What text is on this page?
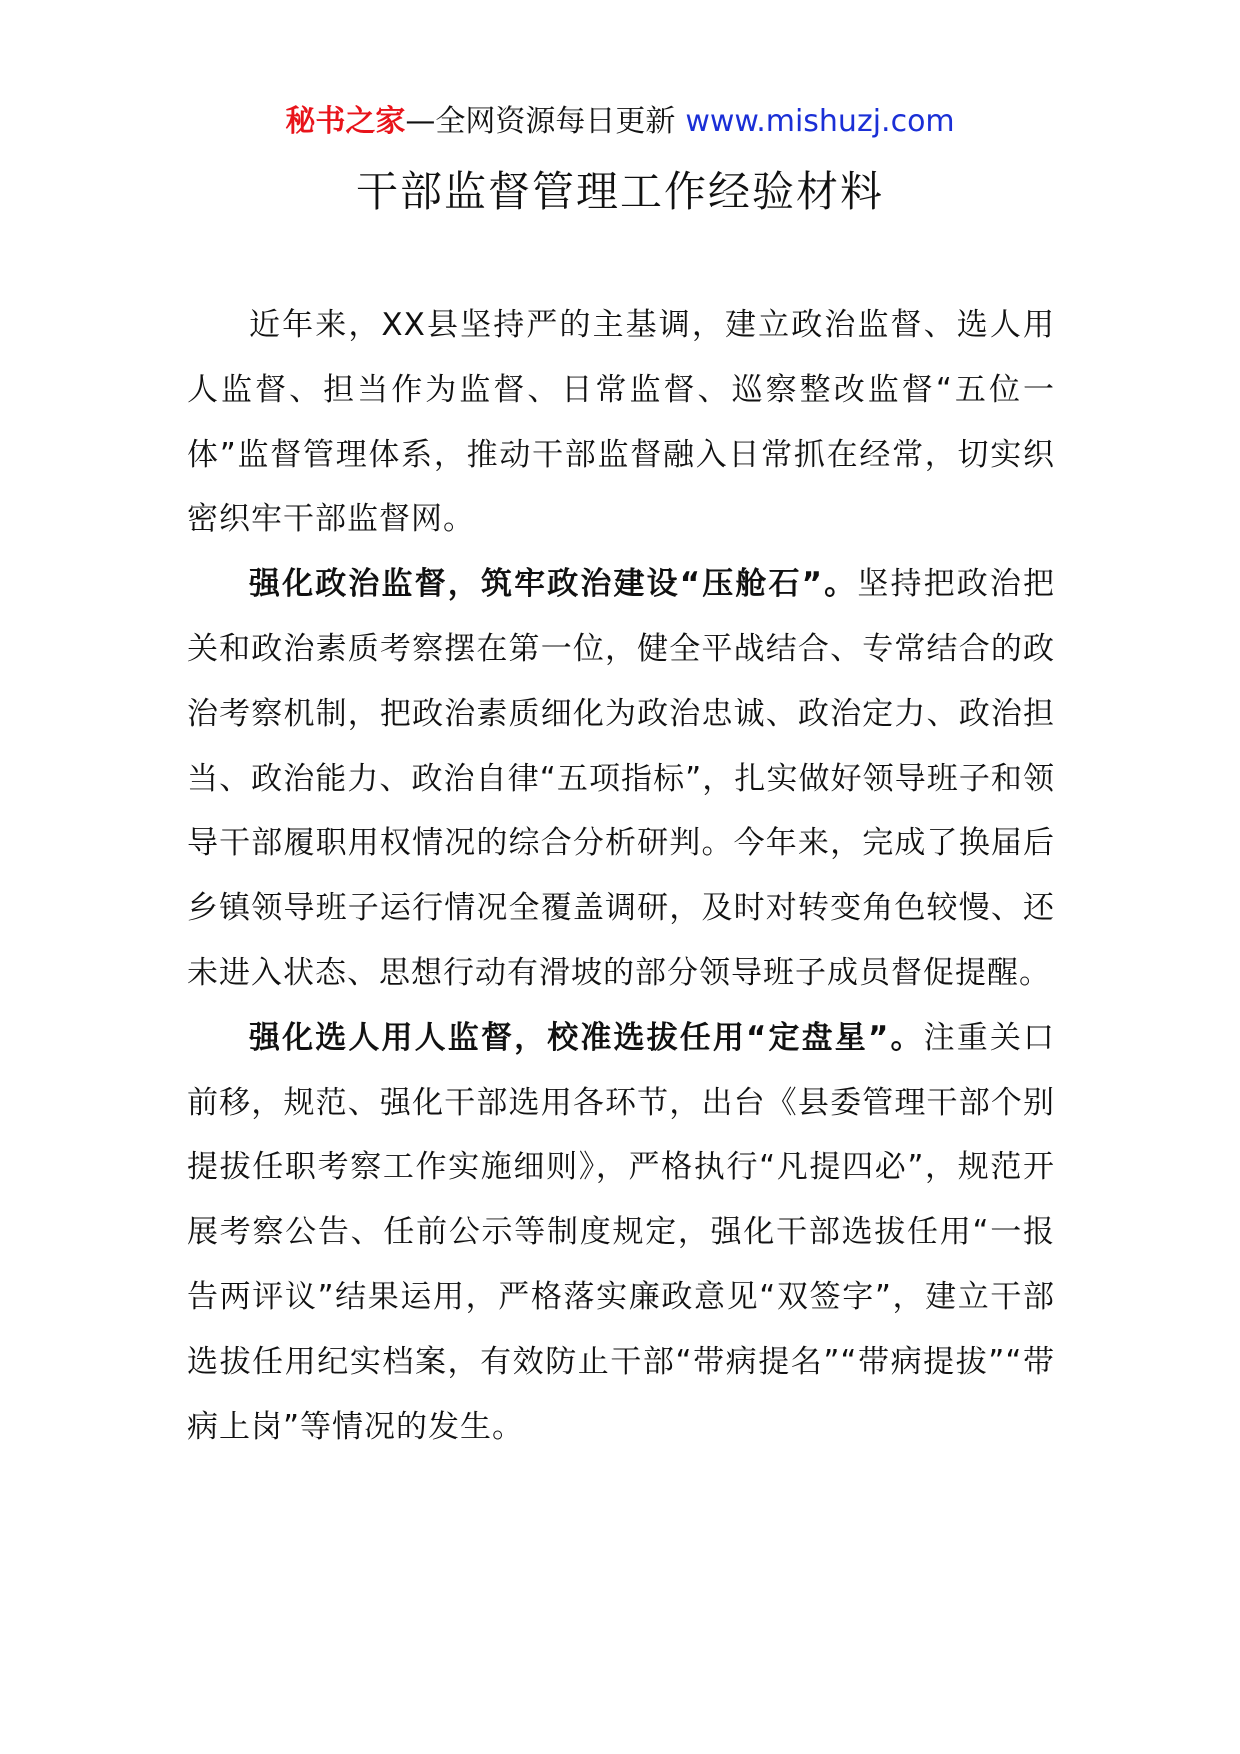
秘书之家—全网资源每日更新 www.mishuzj.com
干部监督管理工作经验材料

近年来，XX县坚持严的主基调，建立政治监督、选人用人监督、担当作为监督、日常监督、巡察整改监督“五位一体”监督管理体系，推动干部监督融入日常抓在经常，切实织密织牢干部监督网。

强化政治监督，筑牢政治建设“压舱石”。坚持把政治把关和政治素质考察摆在第一位，健全平战结合、专常结合的政治考察机制，把政治素质细化为政治忠诚、政治定力、政治担当、政治能力、政治自律“五项指标”，扎实做好领导班子和领导干部履职用权情况的综合分析研判。今年来，完成了换届后乡镇领导班子运行情况全覆盖调研，及时对转变角色较慢、还未进入状态、思想行动有滑坡的部分领导班子成员督促提醒。

强化选人用人监督，校准选拔任用“定盘星”。注重关口前移，规范、强化干部选用各环节，出台《县委管理干部个别提拔任职考察工作实施细则》，严格执行“凡提四必”，规范开展考察公告、任前公示等制度规定，强化干部选拔任用“一报告两评议”结果运用，严格落实廉政意见“双签字”，建立干部选拔任用纪实档案，有效防止干部“带病提名”“带病提拔”“带病上岗”等情况的发生。
